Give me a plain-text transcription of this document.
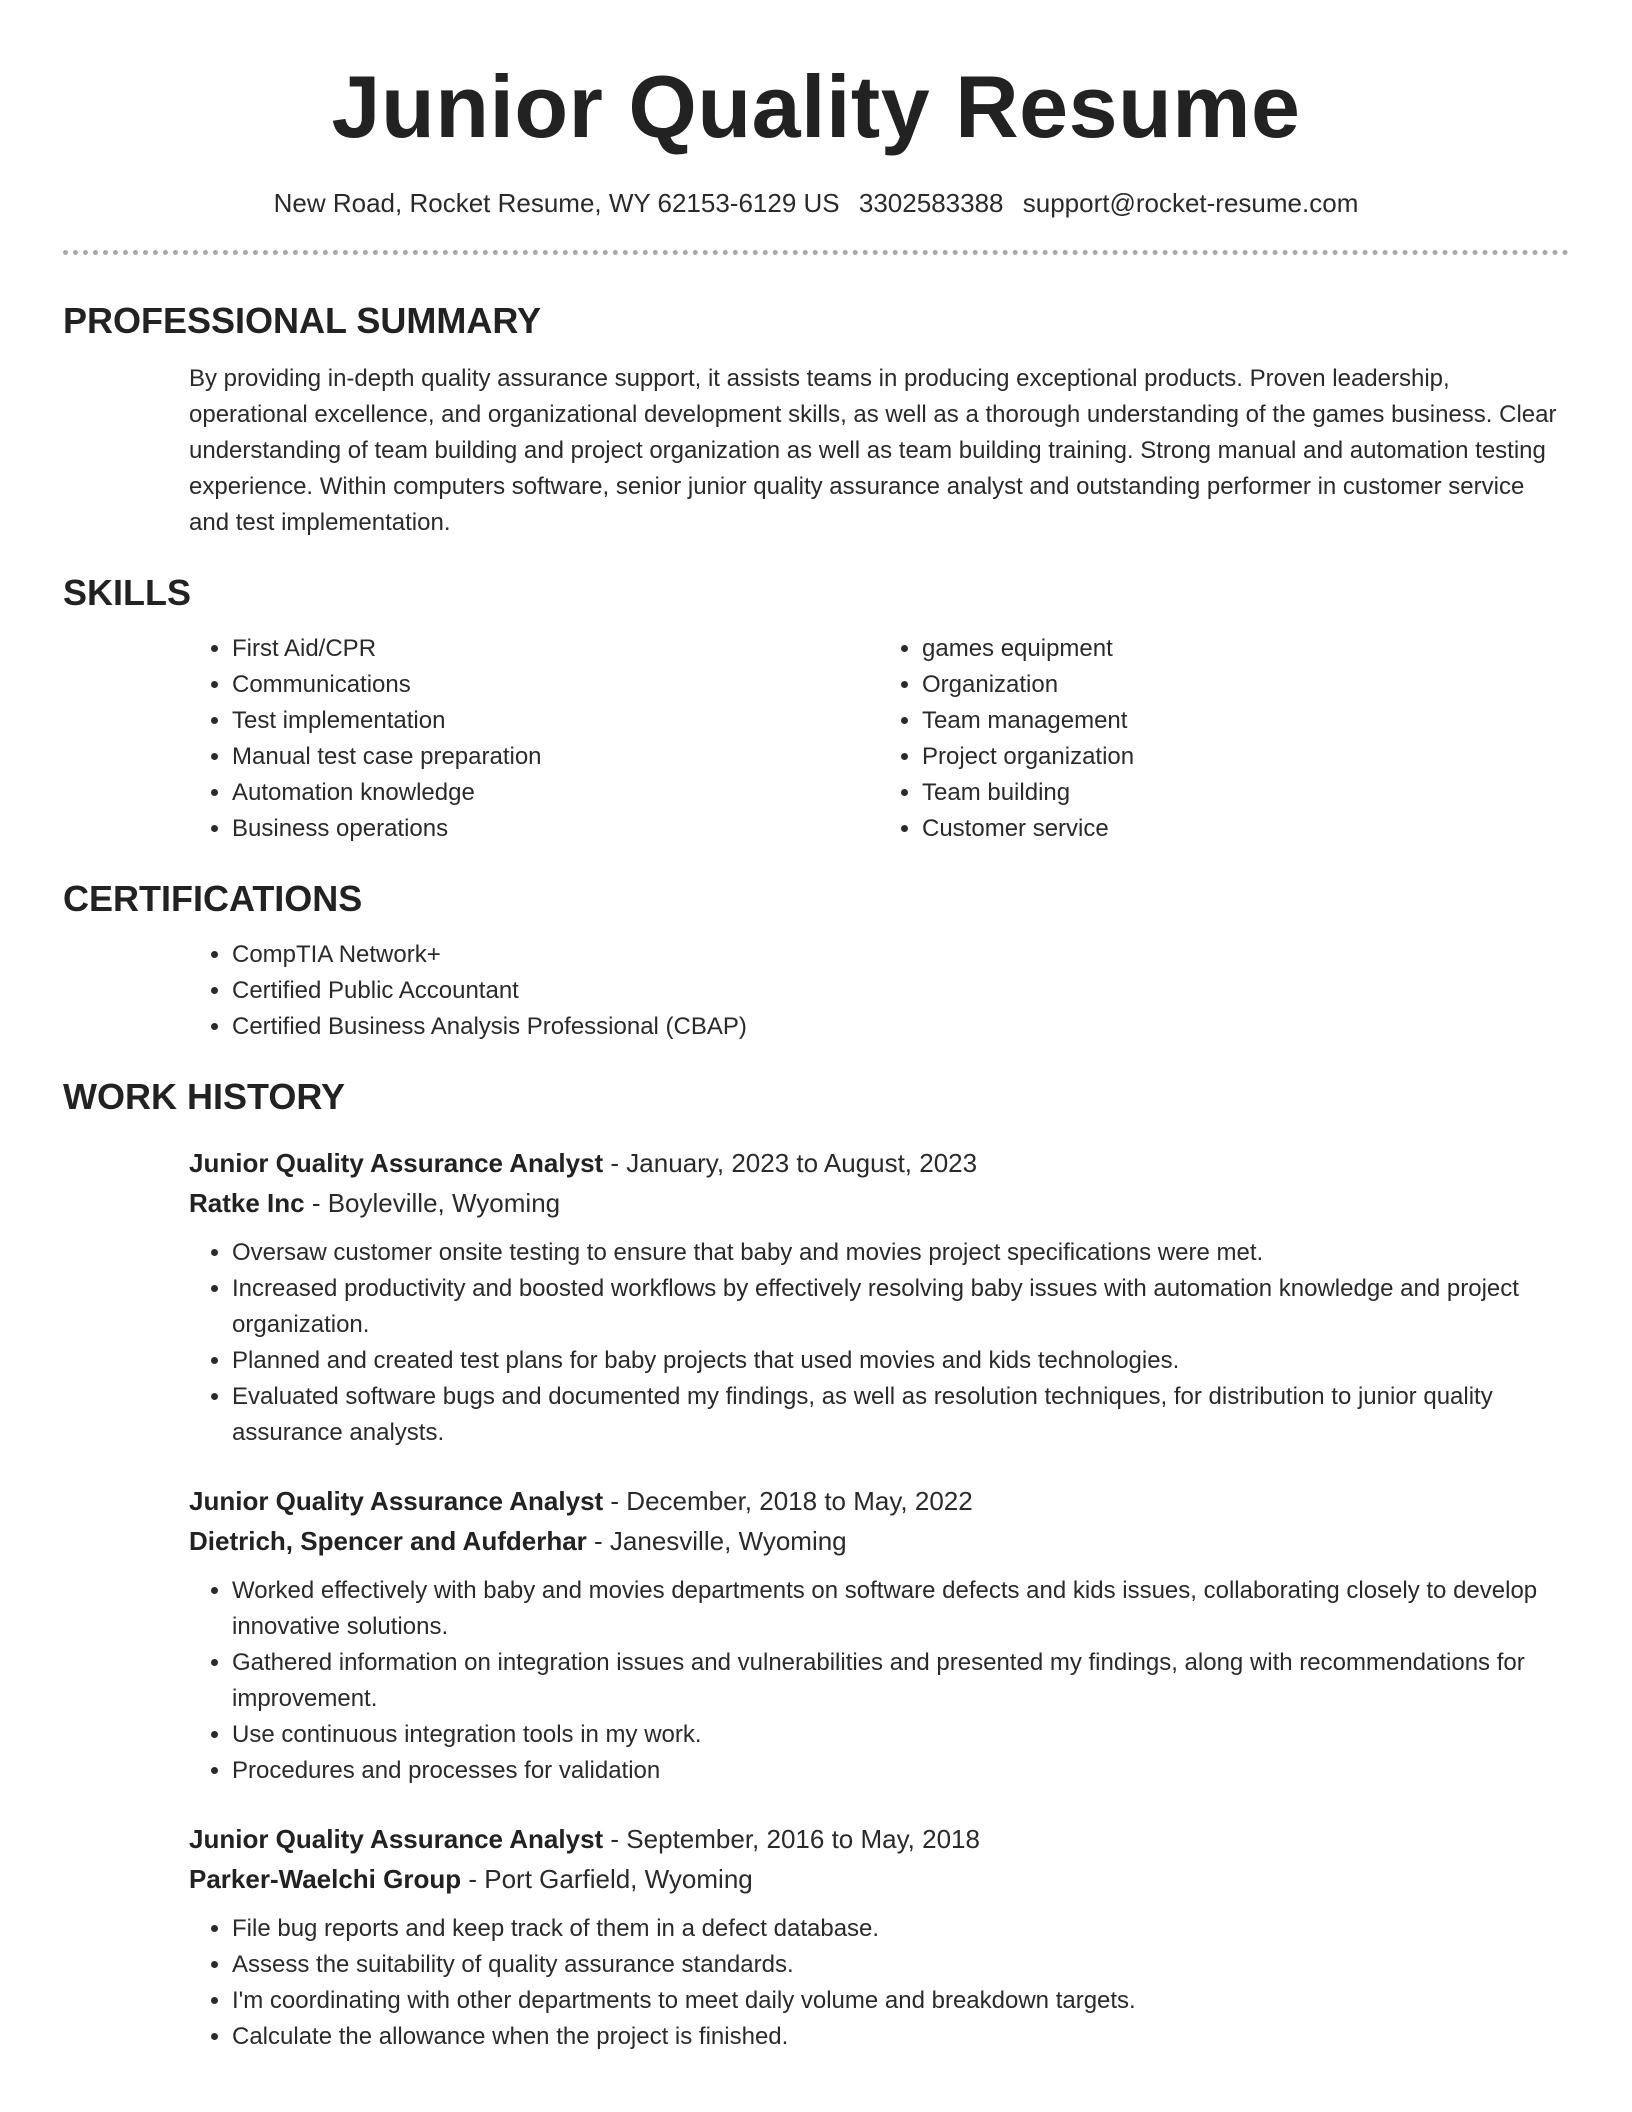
Junior Quality Resume
New Road, Rocket Resume, WY 62153-6129 US 3302583388 support@rocket-resume.com
PROFESSIONAL SUMMARY

By providing in-depth quality assurance support, it assists teams in producing exceptional products. Proven leadership, operational excellence, and organizational development skills, as well as a thorough understanding of the games business. Clear understanding of team building and project organization as well as team building training. Strong manual and automation testing experience. Within computers software, senior junior quality assurance analyst and outstanding performer in customer service and test implementation.

SKILLS
• First Aid/CPR
• Communications
• Test implementation
• Manual test case preparation
• Automation knowledge
• Business operations
• games equipment
• Organization
• Team management
• Project organization
• Team building
• Customer service
CERTIFICATIONS
• CompTIA Network+
• Certified Public Accountant
• Certified Business Analysis Professional (CBAP)
WORK HISTORY
Junior Quality Assurance Analyst - January, 2023 to August, 2023
Ratke Inc - Boyleville, Wyoming
• Oversaw customer onsite testing to ensure that baby and movies project specifications were met.
• Increased productivity and boosted workflows by effectively resolving baby issues with automation knowledge and project organization.
• Planned and created test plans for baby projects that used movies and kids technologies.
• Evaluated software bugs and documented my findings, as well as resolution techniques, for distribution to junior quality assurance analysts.
Junior Quality Assurance Analyst - December, 2018 to May, 2022
Dietrich, Spencer and Aufderhar - Janesville, Wyoming
• Worked effectively with baby and movies departments on software defects and kids issues, collaborating closely to develop innovative solutions.
• Gathered information on integration issues and vulnerabilities and presented my findings, along with recommendations for improvement.
• Use continuous integration tools in my work.
• Procedures and processes for validation
Junior Quality Assurance Analyst - September, 2016 to May, 2018
Parker-Waelchi Group - Port Garfield, Wyoming
• File bug reports and keep track of them in a defect database.
• Assess the suitability of quality assurance standards.
• I'm coordinating with other departments to meet daily volume and breakdown targets.
• Calculate the allowance when the project is finished.
